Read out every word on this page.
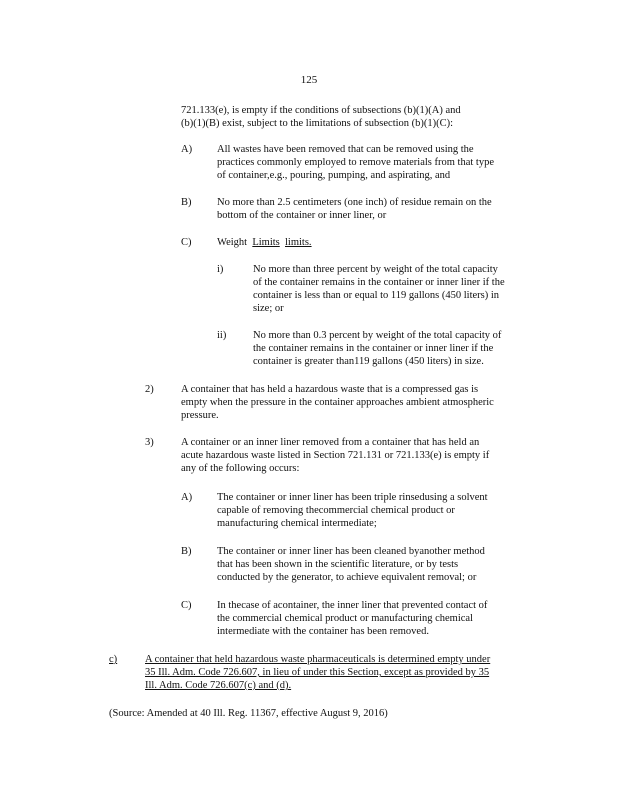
125
721.133(e), is empty if the conditions of subsections (b)(1)(A) and
(b)(1)(B) exist, subject to the limitations of subsection (b)(1)(C):
A) All wastes have been removed that can be removed using the
practices commonly employed to remove materials from that type
of container,e.g., pouring, pumping, and aspirating, and
B) No more than 2.5 centimeters (one inch) of residue remain on the
bottom of the container or inner liner, or
C) Weight Limits limits.
i)	No more than three percent by weight of the total capacity
of the container remains in the container or inner liner if the
container is less than or equal to 119 gallons (450 liters) in
size; or
ii)	No more than 0.3 percent by weight of the total capacity of
the container remains in the container or inner liner if the
container is greater than119 gallons (450 liters) in size.
2)	A container that has held a hazardous waste that is a compressed gas is
empty when the pressure in the container approaches ambient atmospheric
pressure.
3)	A container or an inner liner removed from a container that has held an
acute hazardous waste listed in Section 721.131 or 721.133(e) is empty if
any of the following occurs:
A) The container or inner liner has been triple rinsedusing a solvent
capable of removing thecommercial chemical product or
manufacturing chemical intermediate;
B) The container or inner liner has been cleaned byanother method
that has been shown in the scientific literature, or by tests
conducted by the generator, to achieve equivalent removal; or
C) In thecase of acontainer, the inner liner that prevented contact of
the commercial chemical product or manufacturing chemical
intermediate with the container has been removed.
c)	A container that held hazardous waste pharmaceuticals is determined empty under
35 Ill. Adm. Code 726.607, in lieu of under this Section, except as provided by 35
Ill. Adm. Code 726.607(c) and (d).
(Source: Amended at 40 Ill. Reg. 11367, effective August 9, 2016)
